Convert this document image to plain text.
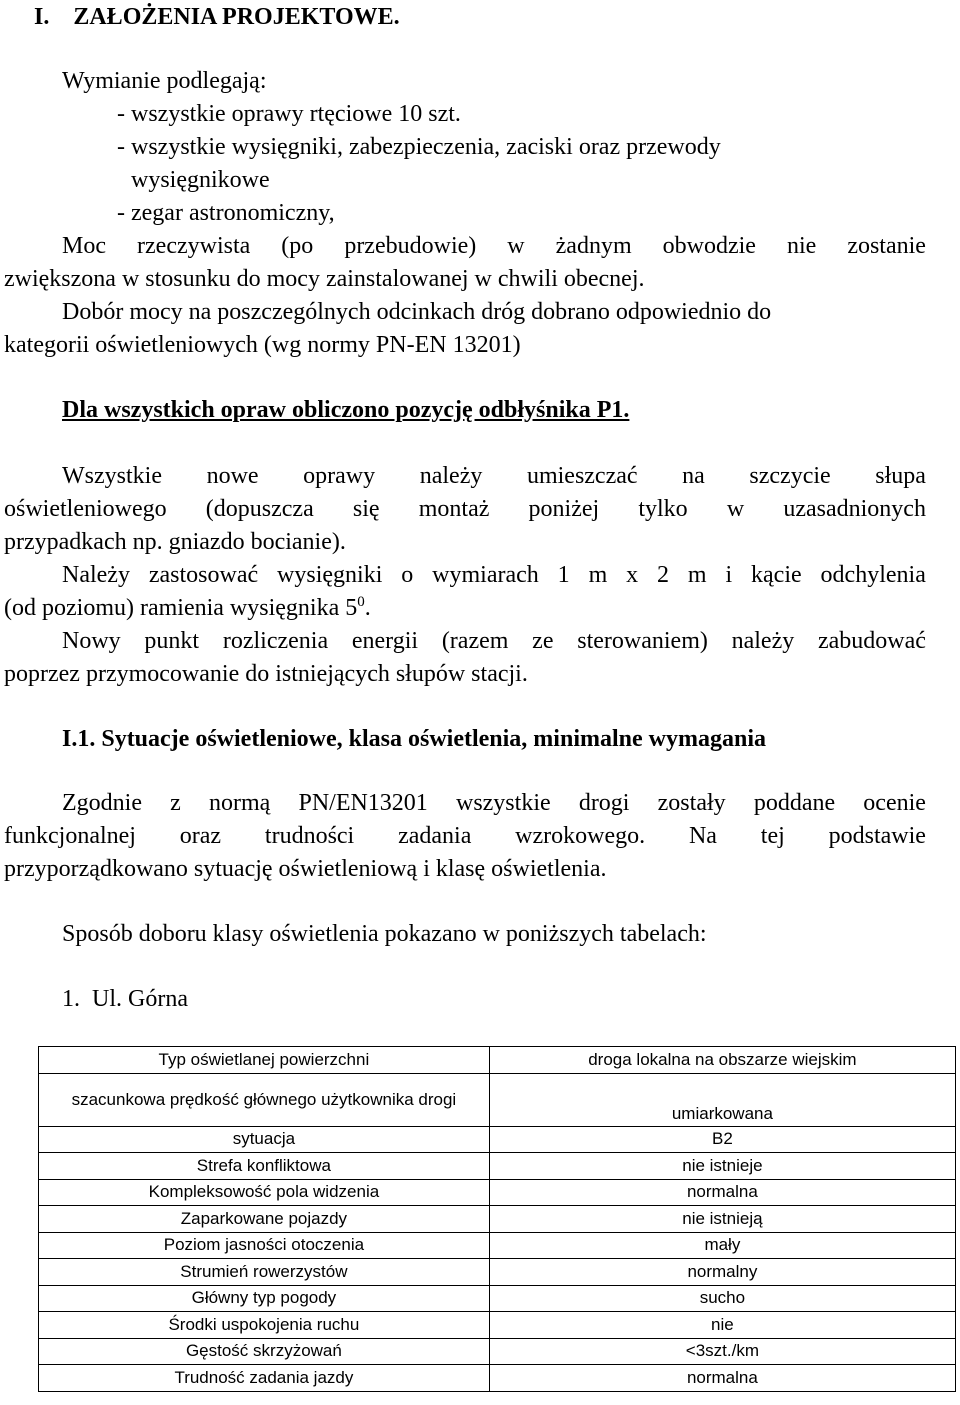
I.    ZAŁOŻENIA PROJEKTOWE.
Wymianie podlegają:
- wszystkie oprawy rtęciowe 10 szt.
- wszystkie wysięgniki, zabezpieczenia, zaciski oraz przewody
wysięgnikowe
- zegar astronomiczny,
Moc rzeczywista (po przebudowie) w żadnym obwodzie nie zostanie
zwiększona w stosunku do mocy zainstalowanej w chwili obecnej.
Dobór mocy na poszczególnych odcinkach dróg dobrano odpowiednio do
kategorii oświetleniowych (wg normy PN-EN 13201)
Dla wszystkich opraw obliczono pozycję odbłyśnika P1.
Wszystkie nowe oprawy należy umieszczać na szczycie słupa
oświetleniowego (dopuszcza się montaż poniżej tylko w uzasadnionych
przypadkach np. gniazdo bocianie).
Należy zastosować wysięgniki o wymiarach 1 m x 2 m i kącie odchylenia
(od poziomu) ramienia wysięgnika $5^0$.
Nowy punkt rozliczenia energii (razem ze sterowaniem) należy zabudować
poprzez przymocowanie do istniejących słupów stacji.
I.1. Sytuacje oświetleniowe, klasa oświetlenia, minimalne wymagania
Zgodnie z normą PN/EN13201 wszystkie drogi zostały poddane ocenie
funkcjonalnej oraz trudności zadania wzrokowego. Na tej podstawie
przyporządkowano sytuację oświetleniową i klasę oświetlenia.
Sposób doboru klasy oświetlenia pokazano w poniższych tabelach:
1.  Ul. Górna
Typ oświetlanej powierzchni	droga lokalna na obszarze wiejskim
szacunkowa prędkość głównego użytkownika drogi	umiarkowana
sytuacja	B2
Strefa konfliktowa	nie istnieje
Kompleksowość pola widzenia	normalna
Zaparkowane pojazdy	nie istnieją
Poziom jasności otoczenia	mały
Strumień rowerzystów	normalny
Główny typ pogody	sucho
Środki uspokojenia ruchu	nie
Gęstość skrzyżowań	<3szt./km
Trudność zadania jazdy	normalna
